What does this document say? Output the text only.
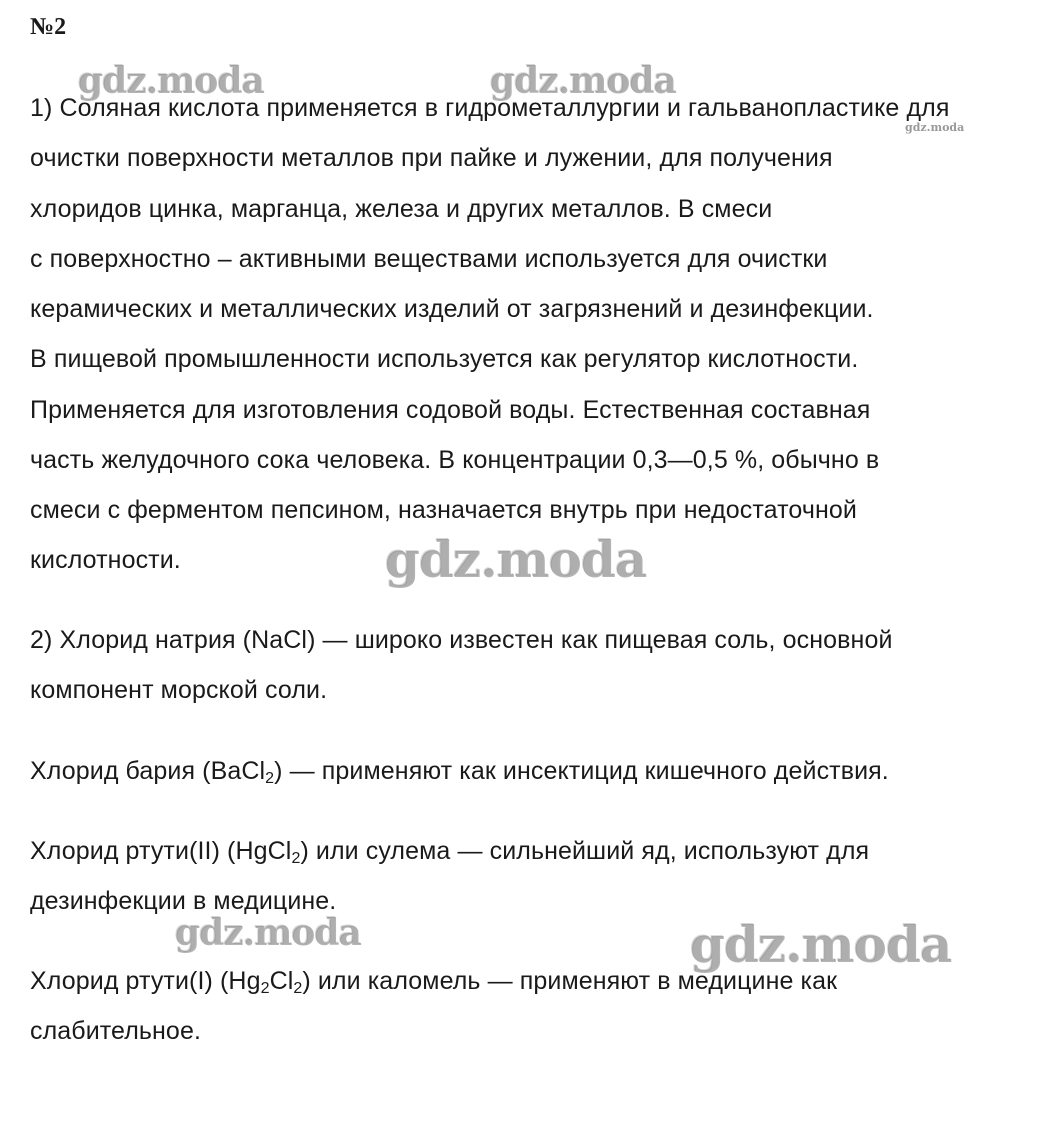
№2
1) Соляная кислота применяется в гидрометаллургии и гальванопластике для
очистки поверхности металлов при пайке и лужении, для получения
хлоридов цинка, марганца, железа и других металлов. В смеси
с поверхностно – активными веществами используется для очистки
керамических и металлических изделий от загрязнений и дезинфекции.
В пищевой промышленности используется как регулятор кислотности.
Применяется для изготовления содовой воды. Естественная составная
часть желудочного сока человека. В концентрации 0,3—0,5 %, обычно в
смеси с ферментом пепсином, назначается внутрь при недостаточной
кислотности.
2) Хлорид натрия (NaCl) — широко известен как пищевая соль, основной
компонент морской соли.
Хлорид бария (BaCl$_2$) — применяют как инсектицид кишечного действия.
Хлорид ртути(II) (HgCl$_2$) или сулема — сильнейший яд, используют для
дезинфекции в медицине.
Хлорид ртути(I) $(Hg_2Cl_2)$ или каломель — применяют в медицине как
слабительное.
gdz.moda	gdz.moda
gdz.moda
gdz.moda
gdz.moda	gdz.moda
